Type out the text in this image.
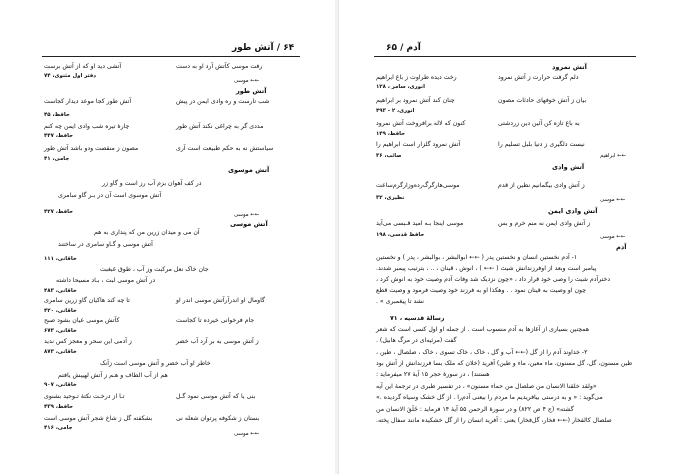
۶۴ / آتش طور
رفت موسی کآتش آرد او به دست
آتشی دید او که از آتش برست
دفتر اول مثنوی، ۷۴
←← موسی
آتش طور
شب تارست و ره وادی ایمن در پیش
آتش طور کجا موعد دیدار کجاست
حافظ، ۴۵
مددی گر به چراغی نکند آتش طور
چارهٔ تیره شب وادی ایمن چه کنم
حافظ، ۴۴۷
سیاستش نه به حکم طبیعت است آری
مصون ز منقصت ودو باشد آتش طور
جامی، ۴۱
آتش موسوی
در کف آهوان بزم آب رز است و گاو زر
آتش موسوی است آن در بـر گاو سامری
حافظ، ۴۲۷	←← موسی
آتش موسی
آن می و میدان زرین من که پنداری به هم
آتش موسی و گـاو سامری در ساختند
خاقانی، ۱۱۱
جان خاک نعل مرکبت وز آب ، طوق غبغبت
در آتش موسی لبت ، بـاد مسیحا داشته
خاقانی، ۴۸۳
گاومال او اندرآرآتش موسی اندر او
تا چه کند هاکیان گاو زرین سامری
خاقانی، ۴۲۰
جام فرخوانی خیرده تا کجاست
کآتش موسی عیان بشود صبح
خاقانی، ۶۷۳
ز آدمی این سحر و معجز کس ندید	ز آتش موسی به بر آرد آب خضر
خاقانی، ۸۷۳
خاطر او آب خضر و آتش موسی است زآنک
هم از آب الطاف و هـم ز آتش لهیبش یافتم
خاقانی، ۹۰۷
بنی یا که آتش موسی نمود گـل
تـا از درخـت نکتهٔ تـوحید بشنوی
حافظ، ۴۳۹
بستان ز شکوفه پرتوان شعله نی
بشکفته گل ز شاخ شجر آتش موسی است
جامی، ۴۱۶
←← موسی
آدم / ۶۵
آتش نمرود
دلم گرفت حرارت ز آتش نمرود
رخت دیده طراوت ز باغ ابراهیم
انوری، سامر ، ۱۲۸
بیان ز آتش خوفهای حادثات مصون
چنان کند آتش نمرود بر ابراهیم
انوری، ۲ - ۴۹۳
به باغ تازه کن آئین دین زردشتی
کنون که لاله برافروخت آتش نمرود
حافظ، ۱۴۹
نیست دلگیری ز دنیا بلبل تسلیم را
آتش نمرود گلزار است ابراهیم را
صائب، ۳۶	←← ابراهیم
آتش وادی
ز آتش وادی بیگمانیم نطین از قدم
موسی‌ها‌رگرگ‌رده‌وزا‌رگرم‌ساعت
نظیری، ۳۲	←← موسی
آتش وادی ایمن
ز آتش وادی ایمن نه منم خرم و بس
موسی اینجا بـه امید قـبسی می‌آید
حافظ قدسی، ۱۹۸	←← موسی
آدم
۱- آدم نخستین انسان و نخستین پدر ( ←← ابوالبشر ، بوالبشر ، پدر ) و نخستین
پیامبر است وبعد از اوفرزندانش شیث ( ←← ) ، انوش ، قینان ، .. ، بترتیب پیمبر شدند.
دخترآدم شیث را وصی خود قرار داد ، «چون نزدیک شد وفات آدم وصیت خود به انوش کرد ،
چون او وصیت به قینان نمود . . وهکذا او به فرزند خود وصیت فرمود و وصیت قطع
نشد تا پیغمبری » .
رسالهٔ قدسیه ، ۷۱
همچنین بسیاری از آغازها به آدم منسوب است . از جمله او اول کسی است که شعر
گفت (مرثیه‌ای در مرگ هابیل) .
۲- خداوند آدم را از گل (←← آب و گل ، خاک ، خاک تسوی ، خاک ، صلصال ، طین ،
طین مسنون، گل، گل مسنون، ماء معین، ماء و طین) آفرید (خلان که ملک بسا فرزندانش از آتش بود
هستند) ، در سورهٔ حجر ۱۵ آیهٔ ۲۷ میفرماید :
«ولقد خلقنا الانسان من صلصال من حماء مسنون» ، در تفسیر طبری در ترجمهٔ این آیه
می‌گوید : « و به درستی بیافریدیم ما مردم را بیعنی آدم‌را . از گل خشک وسیاه گردیده .»
گشته» (ج ۴ ص ۸۲۲) و در سورهٔ الرحمن ۵۵ آیهٔ ۱۴ فرماید : خَلَقَ الانسان من
صلصال کالفخار (←← فخار، گل‌فخار) یعنی : آفرید انسان را از گل خشکیده مانند سفال پخته.
